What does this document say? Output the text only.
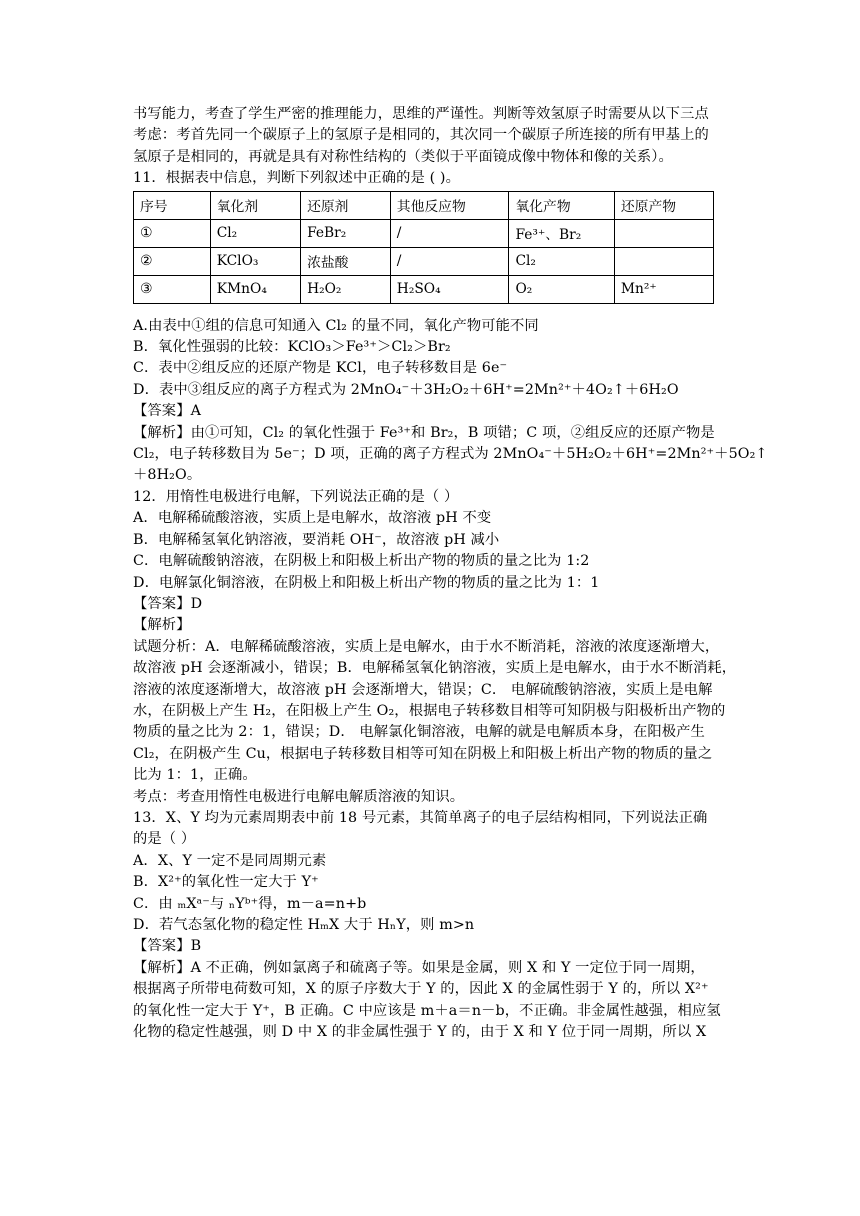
书写能力，考查了学生严密的推理能力，思维的严谨性。判断等效氢原子时需要从以下三点

考虑：考首先同一个碳原子上的氢原子是相同的，其次同一个碳原子所连接的所有甲基上的

氢原子是相同的，再就是具有对称性结构的（类似于平面镜成像中物体和像的关系）。

11．根据表中信息，判断下列叙述中正确的是 ( )。

序号	氧化剂	还原剂	其他反应物	氧化产物	还原产物
①	Cl₂	FeBr₂	/	Fe³⁺、Br₂	
②	KClO₃	浓盐酸	/	Cl₂	
③	KMnO₄	H₂O₂	H₂SO₄	O₂	Mn²⁺

A.由表中①组的信息可知通入 Cl₂ 的量不同，氧化产物可能不同

B．氧化性强弱的比较：KClO₃＞Fe³⁺＞Cl₂＞Br₂

C．表中②组反应的还原产物是 KCl，电子转移数目是 6e⁻

D．表中③组反应的离子方程式为 2MnO₄⁻＋3H₂O₂＋6H⁺=2Mn²⁺＋4O₂↑＋6H₂O

【答案】A

【解析】由①可知，Cl₂ 的氧化性强于 Fe³⁺和 Br₂，B 项错；C 项，②组反应的还原产物是

Cl₂，电子转移数目为 5e⁻；D 项，正确的离子方程式为 2MnO₄⁻＋5H₂O₂＋6H⁺=2Mn²⁺＋5O₂↑

＋8H₂O。

12．用惰性电极进行电解，下列说法正确的是（ ）

A．电解稀硫酸溶液，实质上是电解水，故溶液 pH 不变

B．电解稀氢氧化钠溶液，要消耗 OH⁻，故溶液 pH 减小

C．电解硫酸钠溶液，在阴极上和阳极上析出产物的物质的量之比为 1:2

D．电解氯化铜溶液，在阴极上和阳极上析出产物的物质的量之比为 1：1

【答案】D

【解析】

试题分析：A．电解稀硫酸溶液，实质上是电解水，由于水不断消耗，溶液的浓度逐渐增大，

故溶液 pH 会逐渐减小，错误；B．电解稀氢氧化钠溶液，实质上是电解水，由于水不断消耗，

溶液的浓度逐渐增大，故溶液 pH 会逐渐增大，错误；C． 电解硫酸钠溶液，实质上是电解

水，在阴极上产生 H₂，在阳极上产生 O₂，根据电子转移数目相等可知阴极与阳极析出产物的

物质的量之比为 2：1，错误；D． 电解氯化铜溶液，电解的就是电解质本身，在阳极产生

Cl₂，在阴极产生 Cu，根据电子转移数目相等可知在阴极上和阳极上析出产物的物质的量之

比为 1：1，正确。

考点：考查用惰性电极进行电解电解质溶液的知识。

13．X、Y 均为元素周期表中前 18 号元素，其简单离子的电子层结构相同，下列说法正确

的是（ ）

A．X、Y 一定不是同周期元素

B．X²⁺的氧化性一定大于 Y⁺

C．由 ₘXᵃ⁻与 ₙYᵇ⁺得，m－a=n+b

D．若气态氢化物的稳定性 HₘX 大于 HₙY，则 m>n

【答案】B

【解析】A 不正确，例如氯离子和硫离子等。如果是金属，则 X 和 Y 一定位于同一周期，

根据离子所带电荷数可知，X 的原子序数大于 Y 的，因此 X 的金属性弱于 Y 的，所以 X²⁺

的氧化性一定大于 Y⁺，B 正确。C 中应该是 m＋a＝n－b，不正确。非金属性越强，相应氢

化物的稳定性越强，则 D 中 X 的非金属性强于 Y 的，由于 X 和 Y 位于同一周期，所以 X
